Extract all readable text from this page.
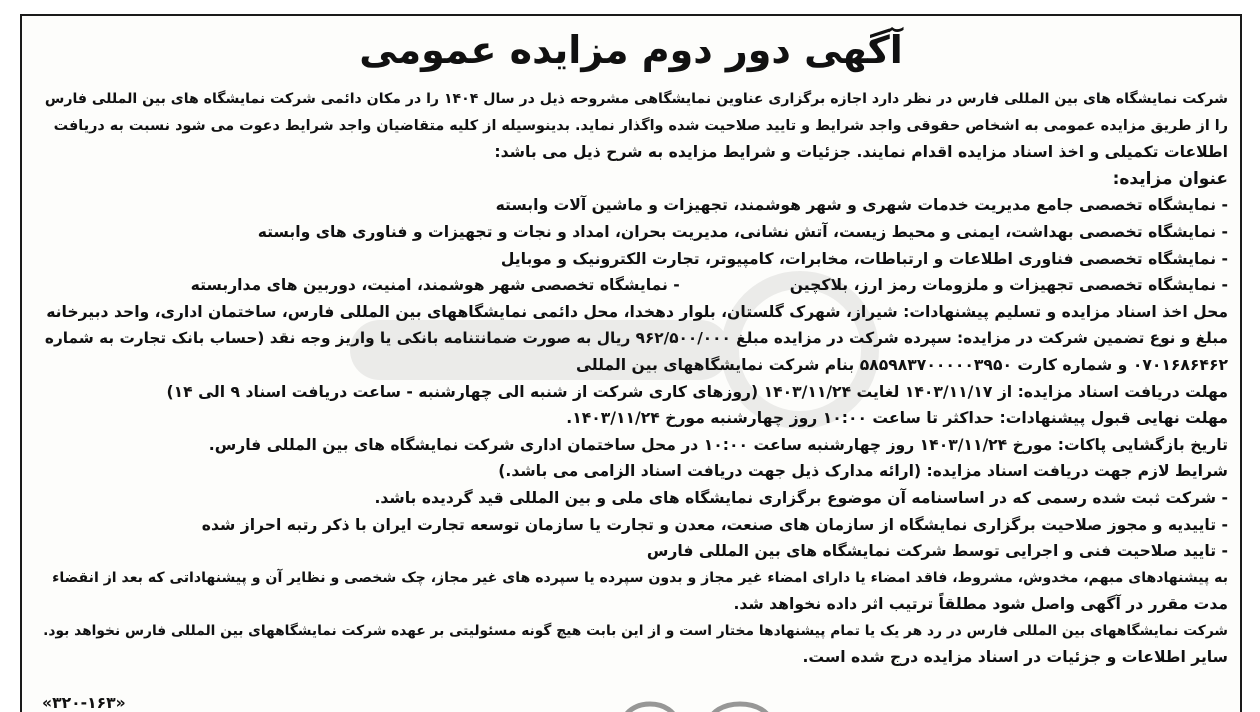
آگهی دور دوم مزایده عمومی
شرکت نمایشگاه های بین المللی فارس در نظر دارد اجازه برگزاری عناوین نمایشگاهی مشروحه ذیل در سال ۱۴۰۴ را در مکان دائمی شرکت نمایشگاه های بین المللی فارس
را از طریق مزایده عمومی به اشخاص حقوقی واجد شرایط و تایید صلاحیت شده واگذار نماید. بدینوسیله از کلیه متقاضیان واجد شرایط دعوت می شود نسبت به دریافت
اطلاعات تکمیلی و اخذ اسناد مزایده اقدام نمایند. جزئیات و شرایط مزایده به شرح ذیل می باشد:
عنوان مزایده:
- نمایشگاه تخصصی جامع مدیریت خدمات شهری و شهر هوشمند، تجهیزات و ماشین آلات وابسته
- نمایشگاه تخصصی بهداشت، ایمنی و محیط زیست، آتش نشانی، مدیریت بحران، امداد و نجات و تجهیزات و فناوری های وابسته
- نمایشگاه تخصصی فناوری اطلاعات و ارتباطات، مخابرات، کامپیوتر، تجارت الکترونیک و موبایل
- نمایشگاه تخصصی تجهیزات و ملزومات رمز ارز، بلاکچین- نمایشگاه تخصصی شهر هوشمند، امنیت، دوربین های مداربسته
محل اخذ اسناد مزایده و تسلیم پیشنهادات: شیراز، شهرک گلستان، بلوار دهخدا، محل دائمی نمایشگاههای بین المللی فارس، ساختمان اداری، واحد دبیرخانه
مبلغ و نوع تضمین شرکت در مزایده: سپرده شرکت در مزایده مبلغ ۹۶۲/۵۰۰/۰۰۰ ریال به صورت ضمانتنامه بانکی یا واریز وجه نقد (حساب بانک تجارت به شماره
۰۷۰۱۶۸۶۴۶۲ و شماره کارت ۵۸۵۹۸۳۷۰۰۰۰۰۳۹۵۰ بنام شرکت نمایشگاههای بین المللی
مهلت دریافت اسناد مزایده: از ۱۴۰۳/۱۱/۱۷ لغایت ۱۴۰۳/۱۱/۲۴ (روزهای کاری شرکت از شنبه الی چهارشنبه - ساعت دریافت اسناد ۹ الی ۱۴)
مهلت نهایی قبول پیشنهادات: حداکثر تا ساعت ۱۰:۰۰ روز چهارشنبه مورخ ۱۴۰۳/۱۱/۲۴.
تاریخ بازگشایی پاکات: مورخ ۱۴۰۳/۱۱/۲۴ روز چهارشنبه ساعت ۱۰:۰۰ در محل ساختمان اداری شرکت نمایشگاه های بین المللی فارس.
شرایط لازم جهت دریافت اسناد مزایده: (ارائه مدارک ذیل جهت دریافت اسناد الزامی می باشد.)
- شرکت ثبت شده رسمی که در اساسنامه آن موضوع برگزاری نمایشگاه های ملی و بین المللی قید گردیده باشد.
- تاییدیه و مجوز صلاحیت برگزاری نمایشگاه از سازمان های صنعت، معدن و تجارت یا سازمان توسعه تجارت ایران با ذکر رتبه احراز شده
- تایید صلاحیت فنی و اجرایی توسط شرکت نمایشگاه های بین المللی فارس
به پیشنهادهای مبهم، مخدوش، مشروط، فاقد امضاء یا دارای امضاء غیر مجاز و بدون سپرده یا سپرده های غیر مجاز، چک شخصی و نظایر آن و پیشنهاداتی که بعد از انقضاء
مدت مقرر در آگهی واصل شود مطلقاً ترتیب اثر داده نخواهد شد.
شرکت نمایشگاههای بین المللی فارس در رد هر یک یا تمام پیشنهادها مختار است و از این بابت هیچ گونه مسئولیتی بر عهده شرکت نمایشگاههای بین المللی فارس نخواهد بود.
سایر اطلاعات و جزئیات در اسناد مزایده درج شده است.
«۳۲۰-۱۶۳»
